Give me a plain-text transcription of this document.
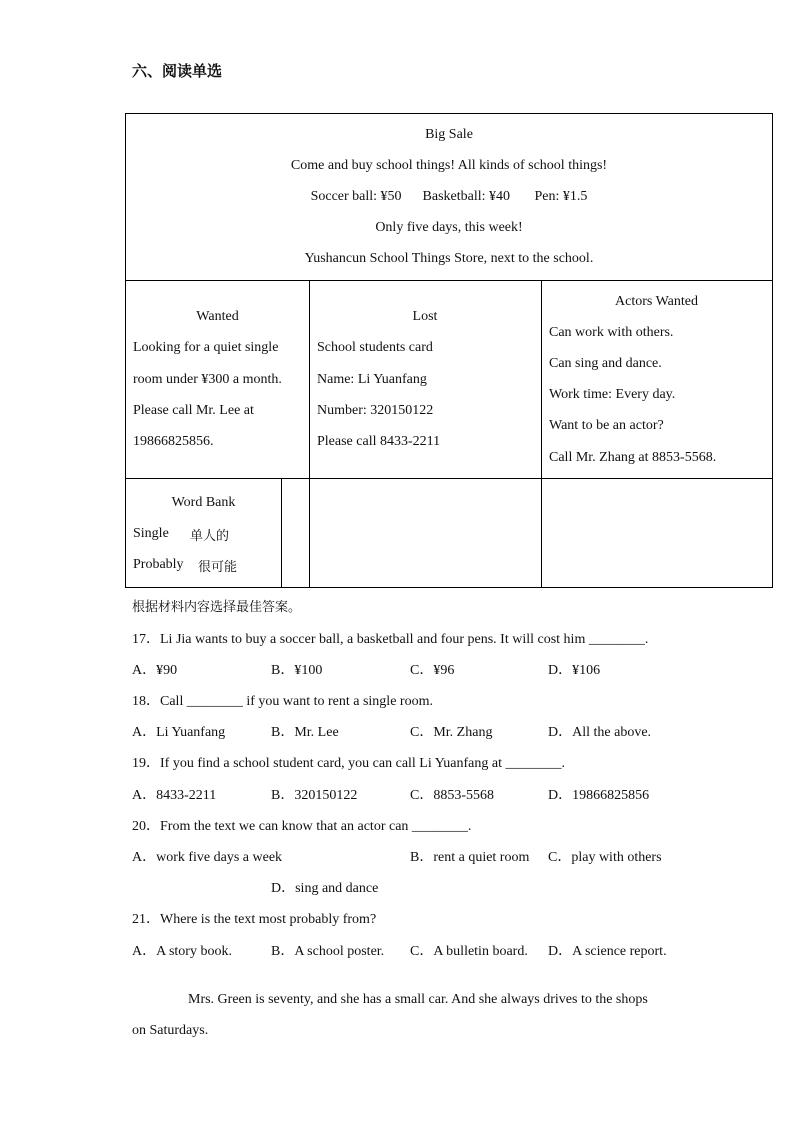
六、阅读单选
Big Sale
Come and buy school things! All kinds of school things!
Soccer ball: ¥50      Basketball: ¥40       Pen: ¥1.5
Only five days, this week!
Yushancun School Things Store, next to the school.
Wanted
Looking for a quiet single
room under ¥300 a month.
Please call Mr. Lee at
19866825856.
Lost
School students card
Name: Li Yuanfang
Number: 320150122
Please call 8433-2211
Actors Wanted
Can work with others.
Can sing and dance.
Work time: Every day.
Want to be an actor?
Call Mr. Zhang at 8853-5568.
Word Bank
Single 单人的
Probably 很可能
根据材料内容选择最佳答案。
17．Li Jia wants to buy a soccer ball, a basketball and four pens. It will cost him ________.
A．¥90	B．¥100	C．¥96	D．¥106
18．Call ________ if you want to rent a single room.
A．Li Yuanfang	B．Mr. Lee	C．Mr. Zhang	D．All the above.
19．If you find a school student card, you can call Li Yuanfang at ________.
A．8433-2211	B．320150122	C．8853-5568	D．19866825856
20．From the text we can know that an actor can ________.
A．work five days a week	B．rent a quiet room C．play with others
D．sing and dance
21．Where is the text most probably from?
A．A story book.	B．A school poster. C．A bulletin board. D．A science report.
Mrs. Green is seventy, and she has a small car. And she always drives to the shops
on Saturdays.
